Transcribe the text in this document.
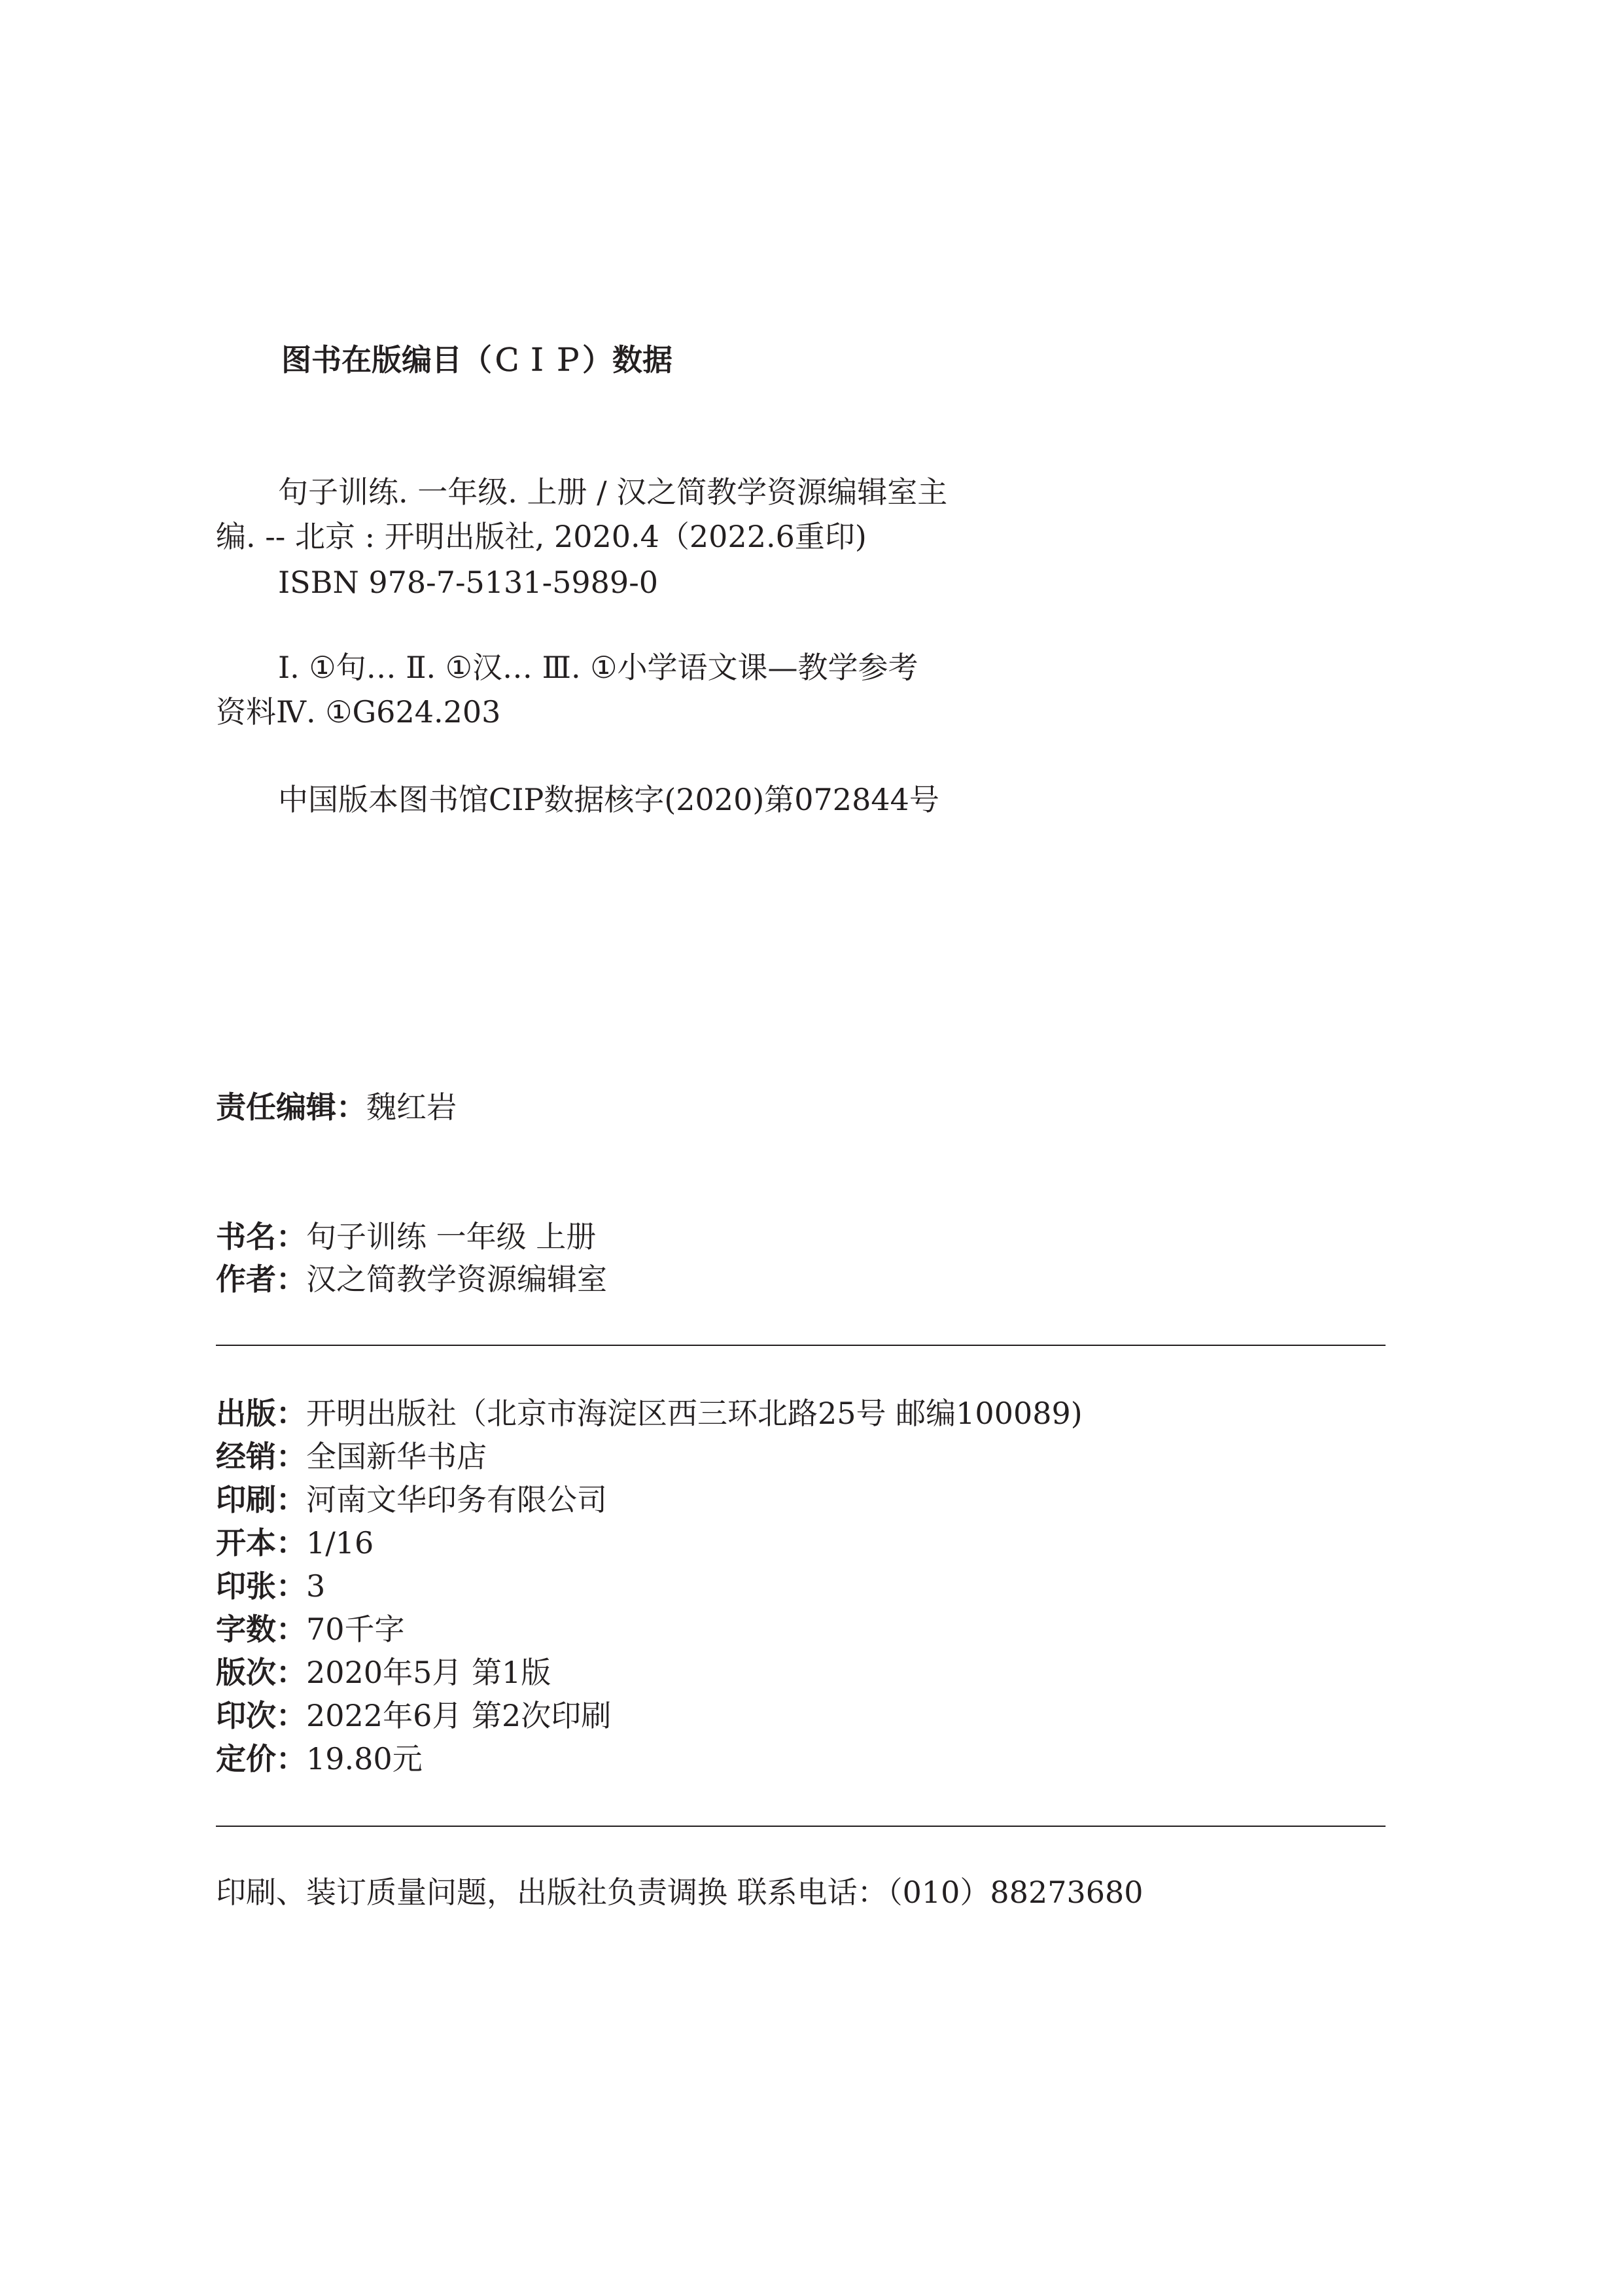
图书在版编目（ＣＩＰ）数据
句子训练. 一年级. 上册 / 汉之简教学资源编辑室主
编. -- 北京 : 开明出版社, 2020.4（2022.6重印)
ISBN 978-7-5131-5989-0
Ⅰ. ①句… Ⅱ. ①汉… Ⅲ. ①小学语文课—教学参考
资料Ⅳ. ①G624.203
中国版本图书馆CIP数据核字(2020)第072844号
责任编辑：魏红岩
书名：句子训练 一年级 上册
作者：汉之简教学资源编辑室
出版：开明出版社（北京市海淀区西三环北路25号 邮编100089)
经销：全国新华书店
印刷：河南文华印务有限公司
开本：1/16
印张：3
字数：70千字
版次：2020年5月 第1版
印次：2022年6月 第2次印刷
定价：19.80元
印刷、装订质量问题，出版社负责调换 联系电话：（010）88273680
